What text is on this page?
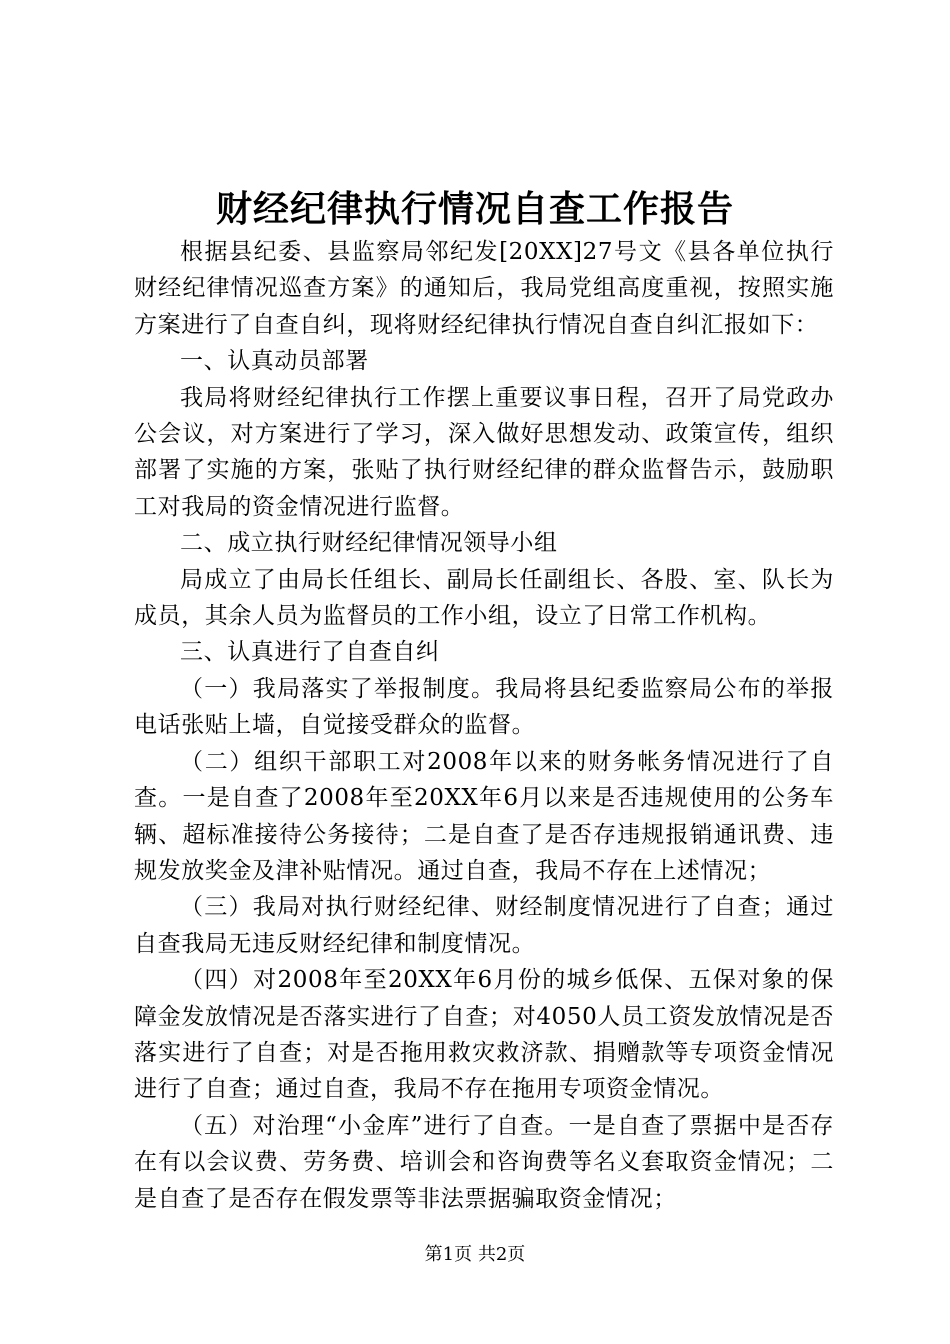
财经纪律执行情况自查工作报告

根据县纪委、县监察局邻纪发[20XX]27号文《县各单位执行财经纪律情况巡查方案》的通知后，我局党组高度重视，按照实施方案进行了自查自纠，现将财经纪律执行情况自查自纠汇报如下：

一、认真动员部署

我局将财经纪律执行工作摆上重要议事日程，召开了局党政办公会议，对方案进行了学习，深入做好思想发动、政策宣传，组织部署了实施的方案，张贴了执行财经纪律的群众监督告示，鼓励职工对我局的资金情况进行监督。

二、成立执行财经纪律情况领导小组

局成立了由局长任组长、副局长任副组长、各股、室、队长为成员，其余人员为监督员的工作小组，设立了日常工作机构。

三、认真进行了自查自纠

（一）我局落实了举报制度。我局将县纪委监察局公布的举报电话张贴上墙，自觉接受群众的监督。

（二）组织干部职工对2008年以来的财务帐务情况进行了自查。一是自查了2008年至20XX年6月以来是否违规使用的公务车辆、超标准接待公务接待；二是自查了是否存违规报销通讯费、违规发放奖金及津补贴情况。通过自查，我局不存在上述情况；

（三）我局对执行财经纪律、财经制度情况进行了自查；通过自查我局无违反财经纪律和制度情况。

（四）对2008年至20XX年6月份的城乡低保、五保对象的保障金发放情况是否落实进行了自查；对4050人员工资发放情况是否落实进行了自查；对是否拖用救灾救济款、捐赠款等专项资金情况进行了自查；通过自查，我局不存在拖用专项资金情况。

（五）对治理“小金库”进行了自查。一是自查了票据中是否存在有以会议费、劳务费、培训会和咨询费等名义套取资金情况；二是自查了是否存在假发票等非法票据骗取资金情况；

第1页 共2页
